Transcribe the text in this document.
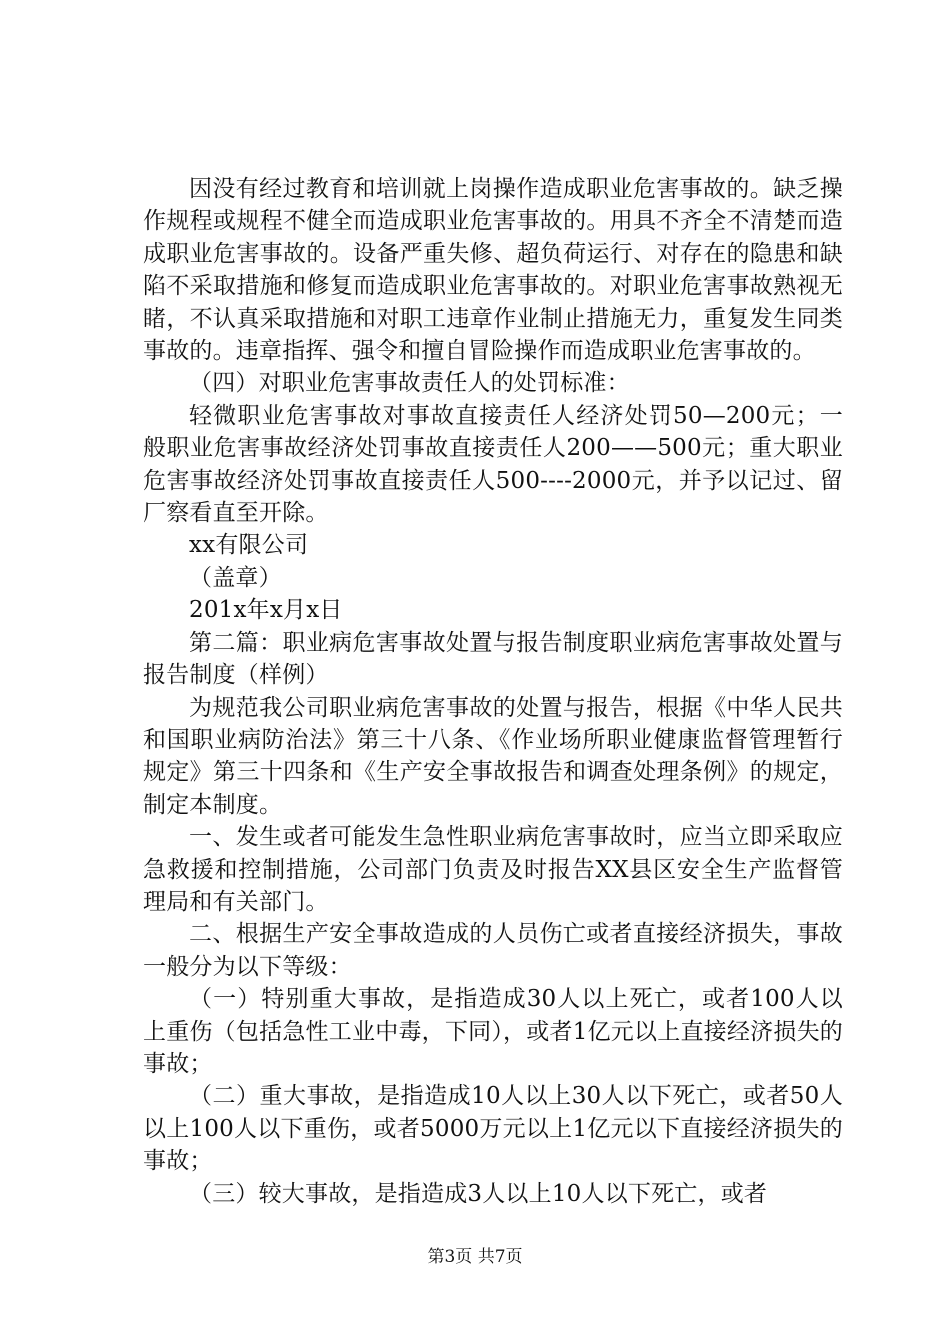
因没有经过教育和培训就上岗操作造成职业危害事故的。缺乏操作规程或规程不健全而造成职业危害事故的。用具不齐全不清楚而造成职业危害事故的。设备严重失修、超负荷运行、对存在的隐患和缺陷不采取措施和修复而造成职业危害事故的。对职业危害事故熟视无睹，不认真采取措施和对职工违章作业制止措施无力，重复发生同类事故的。违章指挥、强令和擅自冒险操作而造成职业危害事故的。

（四）对职业危害事故责任人的处罚标准：

轻微职业危害事故对事故直接责任人经济处罚50—200元；一般职业危害事故经济处罚事故直接责任人200——500元；重大职业危害事故经济处罚事故直接责任人500----2000元，并予以记过、留厂察看直至开除。

xx有限公司

（盖章）

201x年x月x日

第二篇：职业病危害事故处置与报告制度职业病危害事故处置与报告制度（样例）

为规范我公司职业病危害事故的处置与报告，根据《中华人民共和国职业病防治法》第三十八条、《作业场所职业健康监督管理暂行规定》第三十四条和《生产安全事故报告和调查处理条例》的规定，制定本制度。

一、发生或者可能发生急性职业病危害事故时，应当立即采取应急救援和控制措施，公司部门负责及时报告XX县区安全生产监督管理局和有关部门。

二、根据生产安全事故造成的人员伤亡或者直接经济损失，事故一般分为以下等级：

（一）特别重大事故，是指造成30人以上死亡，或者100人以上重伤（包括急性工业中毒，下同），或者1亿元以上直接经济损失的事故；

（二）重大事故，是指造成10人以上30人以下死亡，或者50人以上100人以下重伤，或者5000万元以上1亿元以下直接经济损失的事故；

（三）较大事故，是指造成3人以上10人以下死亡，或者

第3页 共7页
